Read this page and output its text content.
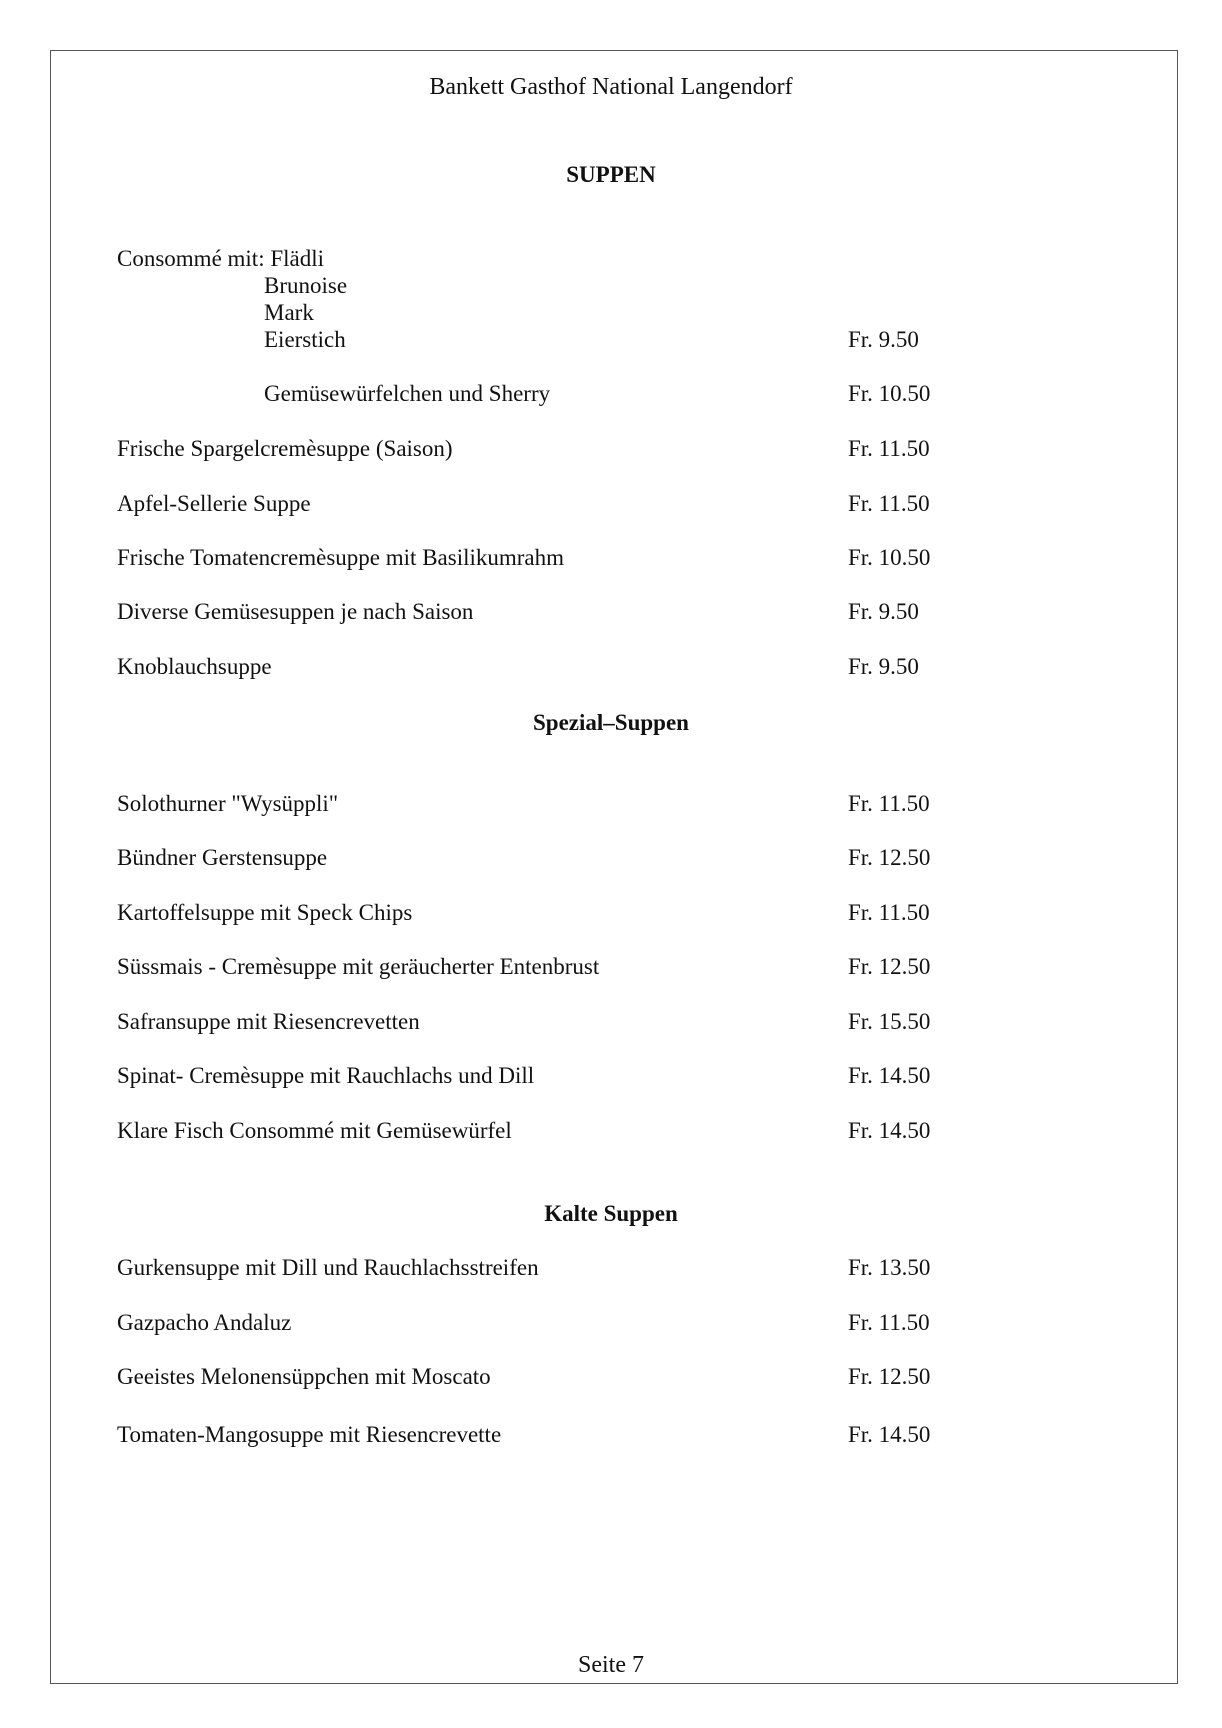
Bankett Gasthof National Langendorf
SUPPEN
Consommé mit: Flädli
Brunoise
Mark
Eierstich	Fr. 9.50
Gemüsewürfelchen und Sherry	Fr. 10.50
Frische Spargelcremèsuppe (Saison)	Fr. 11.50
Apfel-Sellerie Suppe	Fr. 11.50
Frische Tomatencremèsuppe mit Basilikumrahm	Fr. 10.50
Diverse Gemüsesuppen je nach Saison	Fr. 9.50
Knoblauchsuppe	Fr. 9.50
Spezial–Suppen
Solothurner "Wysüppli"	Fr. 11.50
Bündner Gerstensuppe	Fr. 12.50
Kartoffelsuppe mit Speck Chips	Fr. 11.50
Süssmais - Cremèsuppe mit geräucherter Entenbrust	Fr. 12.50
Safransuppe mit Riesencrevetten	Fr. 15.50
Spinat- Cremèsuppe mit Rauchlachs und Dill	Fr. 14.50
Klare Fisch Consommé mit Gemüsewürfel	Fr. 14.50
Kalte Suppen
Gurkensuppe mit Dill und Rauchlachsstreifen	Fr. 13.50
Gazpacho Andaluz	Fr. 11.50
Geeistes Melonensüppchen mit Moscato	Fr. 12.50
Tomaten-Mangosuppe mit Riesencrevette	Fr. 14.50
Seite 7
